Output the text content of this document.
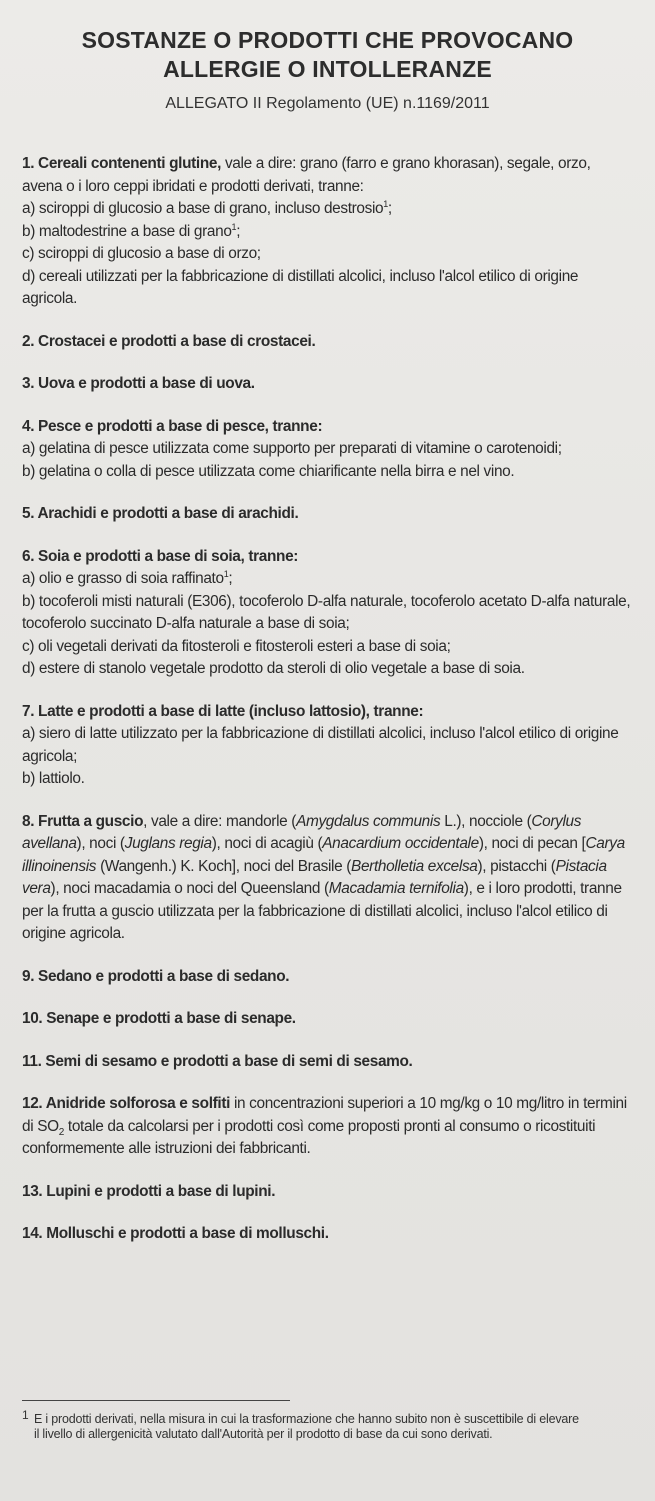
SOSTANZE O PRODOTTI CHE PROVOCANO
ALLERGIE O INTOLLERANZE
ALLEGATO II Regolamento (UE) n.1169/2011

1. Cereali contenenti glutine, vale a dire: grano (farro e grano khorasan), segale, orzo, avena o i loro ceppi ibridati e prodotti derivati, tranne:

a) sciroppi di glucosio a base di grano, incluso destrosio$^1$;

b) maltodestrine a base di grano$^1$;

c) sciroppi di glucosio a base di orzo;

d) cereali utilizzati per la fabbricazione di distillati alcolici, incluso l'alcol etilico di origine agricola.

2. Crostacei e prodotti a base di crostacei.

3. Uova e prodotti a base di uova.

4. Pesce e prodotti a base di pesce, tranne:

a) gelatina di pesce utilizzata come supporto per preparati di vitamine o carotenoidi;

b) gelatina o colla di pesce utilizzata come chiarificante nella birra e nel vino.

5. Arachidi e prodotti a base di arachidi.

6. Soia e prodotti a base di soia, tranne:

a) olio e grasso di soia raffinato$^1$;

b) tocoferoli misti naturali (E306), tocoferolo D-alfa naturale, tocoferolo acetato D-alfa naturale, tocoferolo succinato D-alfa naturale a base di soia;

c) oli vegetali derivati da fitosteroli e fitosteroli esteri a base di soia;

d) estere di stanolo vegetale prodotto da steroli di olio vegetale a base di soia.

7. Latte e prodotti a base di latte (incluso lattosio), tranne:

a) siero di latte utilizzato per la fabbricazione di distillati alcolici, incluso l'alcol etilico di origine agricola;

b) lattiolo.

8. Frutta a guscio, vale a dire: mandorle (Amygdalus communis L.), nocciole (Corylus avellana), noci (Juglans regia), noci di acagiù (Anacardium occidentale), noci di pecan [Carya illinoinensis (Wangenh.) K. Koch], noci del Brasile (Bertholletia excelsa), pistacchi (Pistacia vera), noci macadamia o noci del Queensland (Macadamia ternifolia), e i loro prodotti, tranne per la frutta a guscio utilizzata per la fabbricazione di distillati alcolici, incluso l'alcol etilico di origine agricola.

9. Sedano e prodotti a base di sedano.

10. Senape e prodotti a base di senape.

11. Semi di sesamo e prodotti a base di semi di sesamo.

12. Anidride solforosa e solfiti in concentrazioni superiori a 10 mg/kg o 10 mg/litro in termini di $SO_2$ totale da calcolarsi per i prodotti così come proposti pronti al consumo o ricostituiti conformemente alle istruzioni dei fabbricanti.

13. Lupini e prodotti a base di lupini.

14. Molluschi e prodotti a base di molluschi.

1 E i prodotti derivati, nella misura in cui la trasformazione che hanno subito non è suscettibile di elevare il livello di allergenicità valutato dall'Autorità per il prodotto di base da cui sono derivati.
